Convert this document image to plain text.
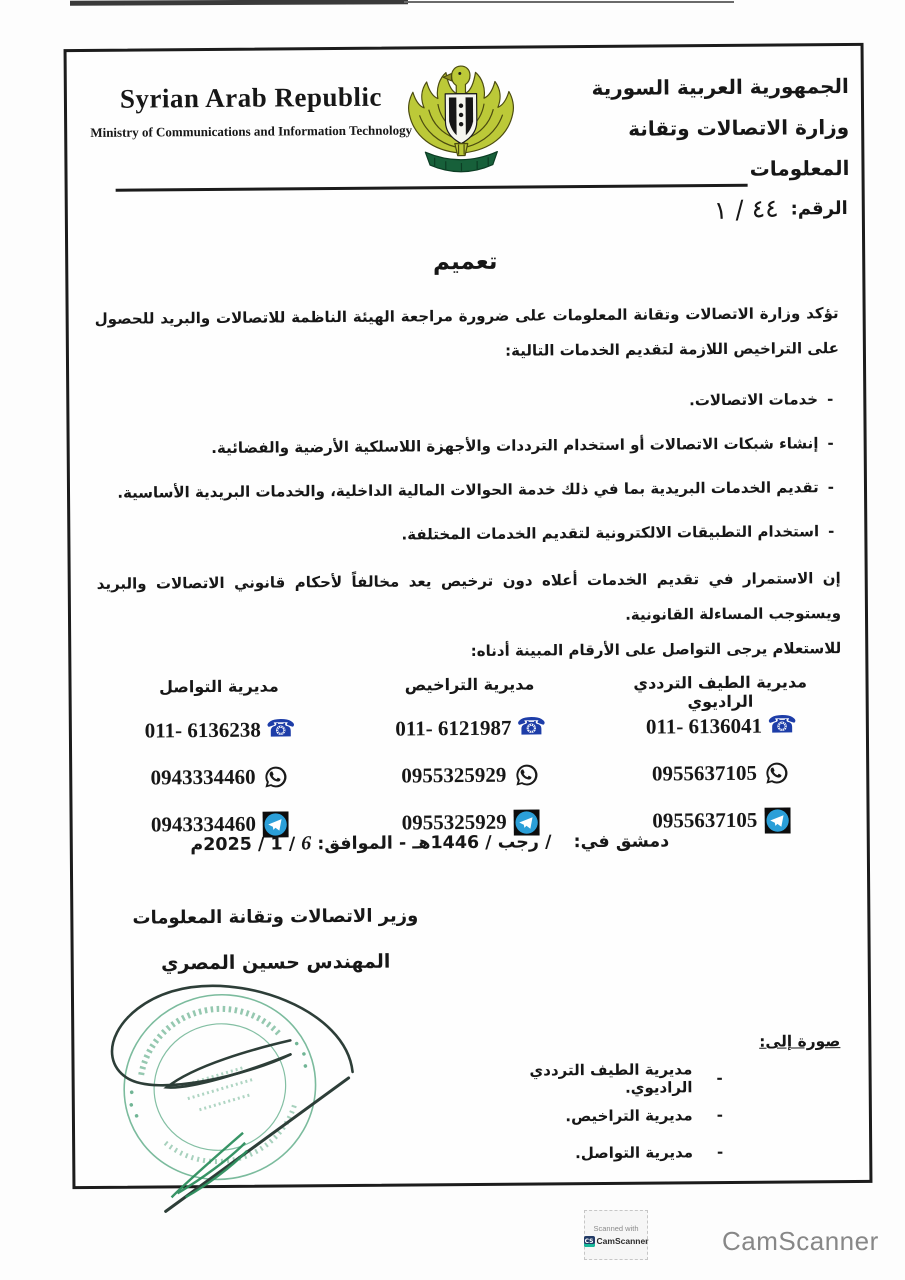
Syrian Arab Republic
Ministry of Communications and Information Technology
الجمهورية العربية السورية
وزارة الاتصالات وتقانة المعلومات
الرقم:
٤٤ / ١
تعميم

تؤكد وزارة الاتصالات وتقانة المعلومات على ضرورة مراجعة الهيئة الناظمة للاتصالات والبريد للحصول على التراخيص اللازمة لتقديم الخدمات التالية:

-
خدمات الاتصالات.
-
إنشاء شبكات الاتصالات أو استخدام الترددات والأجهزة اللاسلكية الأرضية والفضائية.
-
تقديم الخدمات البريدية بما في ذلك خدمة الحوالات المالية الداخلية، والخدمات البريدية الأساسية.
-
استخدام التطبيقات الالكترونية لتقديم الخدمات المختلفة.

إن الاستمرار في تقديم الخدمات أعلاه دون ترخيص يعد مخالفاً لأحكام قانوني الاتصالات والبريد ويستوجب المساءلة القانونية.

للاستعلام يرجى التواصل على الأرقام المبينة أدناه:

مديرية الطيف الترددي الراديوي
☎
011- 6136041
0955637105
0955637105
مديرية التراخيص
☎
011- 6121987
0955325929
0955325929
مديرية التواصل
☎
011- 6136238
0943334460
0943334460
دمشق في: / رجب / 1446هـ - الموافق: 6 / 1 / 2025م
وزير الاتصالات وتقانة المعلومات
المهندس حسين المصري
صورة إلى:
-
مديرية الطيف الترددي الراديوي.
-
مديرية التراخيص.
-
مديرية التواصل.
Scanned with
CS CamScanner	CamScanner
